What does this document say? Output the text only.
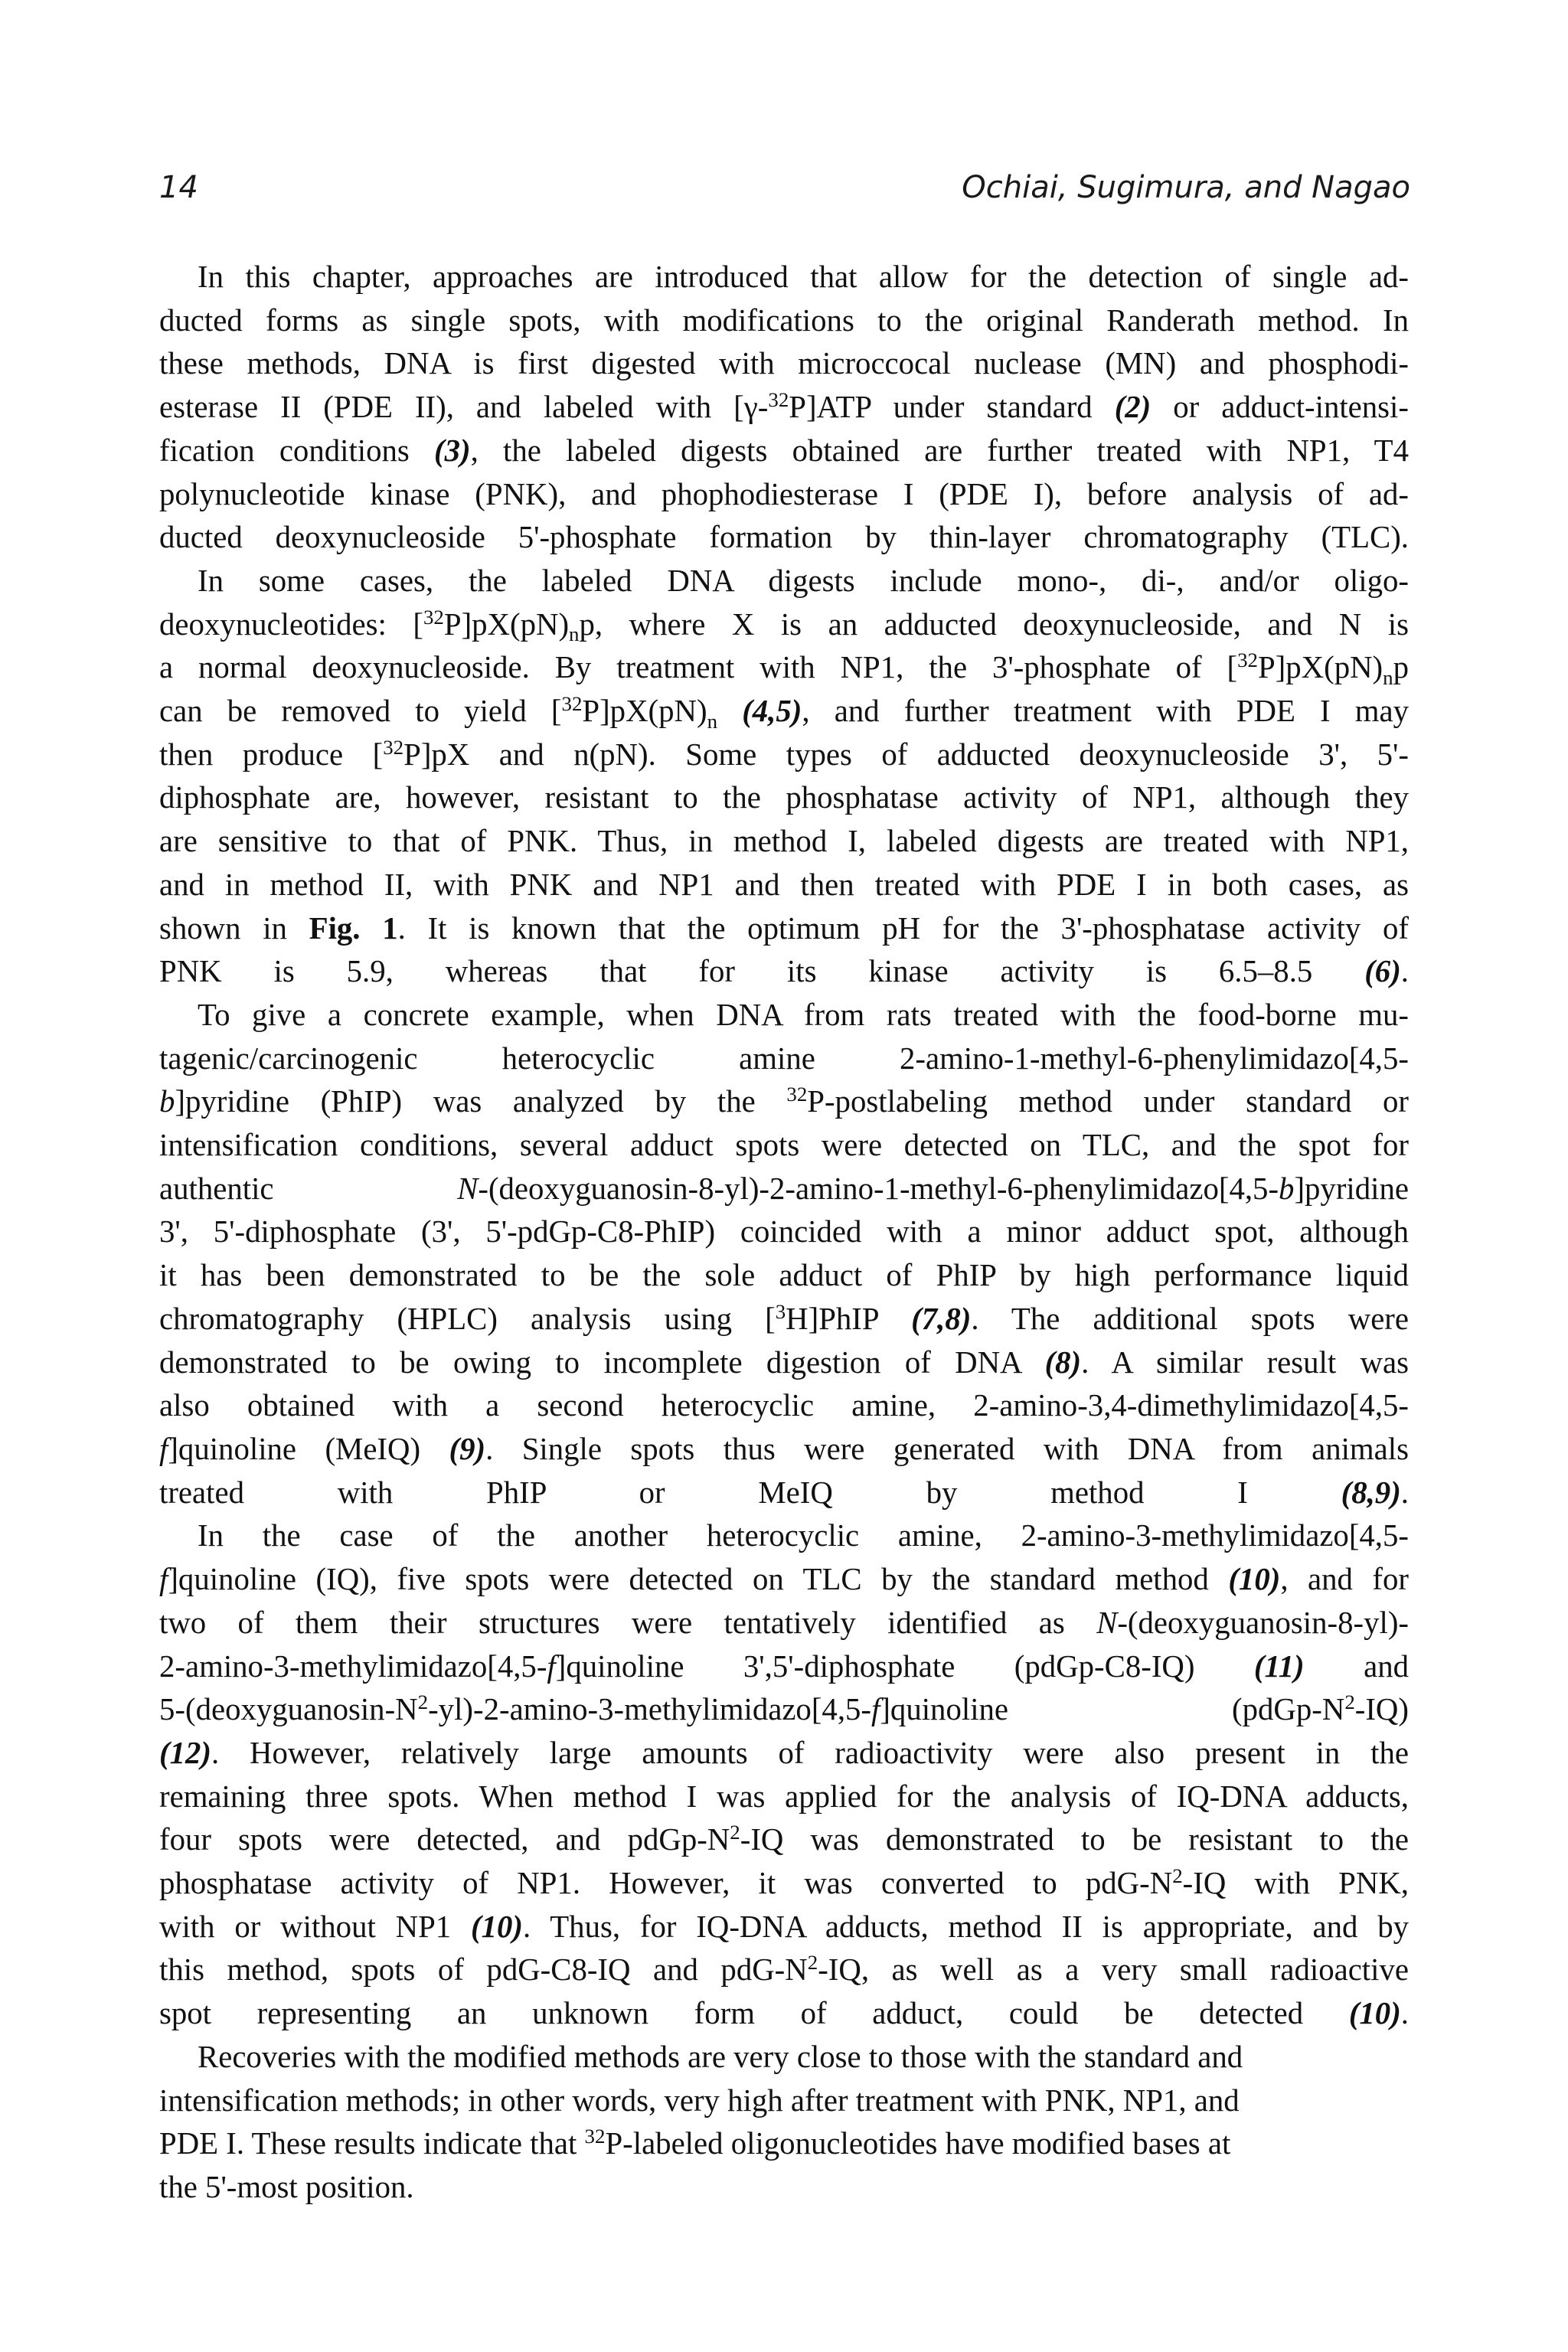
14	Ochiai, Sugimura, and Nagao

In this chapter, approaches are introduced that allow for the detection of single ad-
ducted forms as single spots, with modifications to the original Randerath method. In
these methods, DNA is first digested with microccocal nuclease (MN) and phosphodi-
esterase II (PDE II), and labeled with [γ-$^{32}$P]ATP under standard (2) or adduct-intensi-
fication conditions (3), the labeled digests obtained are further treated with NP1, T4
polynucleotide kinase (PNK), and phophodiesterase I (PDE I), before analysis of ad-
ducted deoxynucleoside 5'-phosphate formation by thin-layer chromatography (TLC).

In some cases, the labeled DNA digests include mono-, di-, and/or oligo-
deoxynucleotides: $[^{32}P]pX(pN)_np$, where X is an adducted deoxynucleoside, and N is
a normal deoxynucleoside. By treatment with NP1, the 3'-phosphate of $[^{32}P]pX(pN)_np$
can be removed to yield $[^{32}P]pX(pN)_n$ (4,5), and further treatment with PDE I may
then produce [$^{32}$P]pX and n(pN). Some types of adducted deoxynucleoside 3', 5'-
diphosphate are, however, resistant to the phosphatase activity of NP1, although they
are sensitive to that of PNK. Thus, in method I, labeled digests are treated with NP1,
and in method II, with PNK and NP1 and then treated with PDE I in both cases, as
shown in Fig. 1. It is known that the optimum pH for the 3'-phosphatase activity of
PNK is 5.9, whereas that for its kinase activity is 6.5–8.5 (6).

To give a concrete example, when DNA from rats treated with the food-borne mu-
tagenic/carcinogenic heterocyclic amine 2-amino-1-methyl-6-phenylimidazo[4,5-
b]pyridine (PhIP) was analyzed by the $^{32}$P-postlabeling method under standard or
intensification conditions, several adduct spots were detected on TLC, and the spot for
authentic N-(deoxyguanosin-8-yl)-2-amino-1-methyl-6-phenylimidazo[4,5-b]pyridine
3', 5'-diphosphate (3', 5'-pdGp-C8-PhIP) coincided with a minor adduct spot, although
it has been demonstrated to be the sole adduct of PhIP by high performance liquid
chromatography (HPLC) analysis using [$^3$H]PhIP (7,8). The additional spots were
demonstrated to be owing to incomplete digestion of DNA (8). A similar result was
also obtained with a second heterocyclic amine, 2-amino-3,4-dimethylimidazo[4,5-
f]quinoline (MeIQ) (9). Single spots thus were generated with DNA from animals
treated with PhIP or MeIQ by method I (8,9).

In the case of the another heterocyclic amine, 2-amino-3-methylimidazo[4,5-
f]quinoline (IQ), five spots were detected on TLC by the standard method (10), and for
two of them their structures were tentatively identified as N-(deoxyguanosin-8-yl)-
2-amino-3-methylimidazo[4,5-f]quinoline 3',5'-diphosphate (pdGp-C8-IQ) (11) and
$5-(deoxyguanosin-N^2-yl)-2-amino-3-methylimidazo[4,5-f]quinoline$ $(pdGp-N^2-IQ)$
(12). However, relatively large amounts of radioactivity were also present in the
remaining three spots. When method I was applied for the analysis of IQ-DNA adducts,
four spots were detected, and pdGp-$N^2-IQ$ was demonstrated to be resistant to the
phosphatase activity of NP1. However, it was converted to pdG-$N^2-IQ$ with PNK,
with or without NP1 (10). Thus, for IQ-DNA adducts, method II is appropriate, and by
this method, spots of pdG-C8-IQ and pdG-$N^2-IQ$, as well as a very small radioactive
spot representing an unknown form of adduct, could be detected (10).

Recoveries with the modified methods are very close to those with the standard and
intensification methods; in other words, very high after treatment with PNK, NP1, and
PDE I. These results indicate that $^{32}$P-labeled oligonucleotides have modified bases at
the 5'-most position.
